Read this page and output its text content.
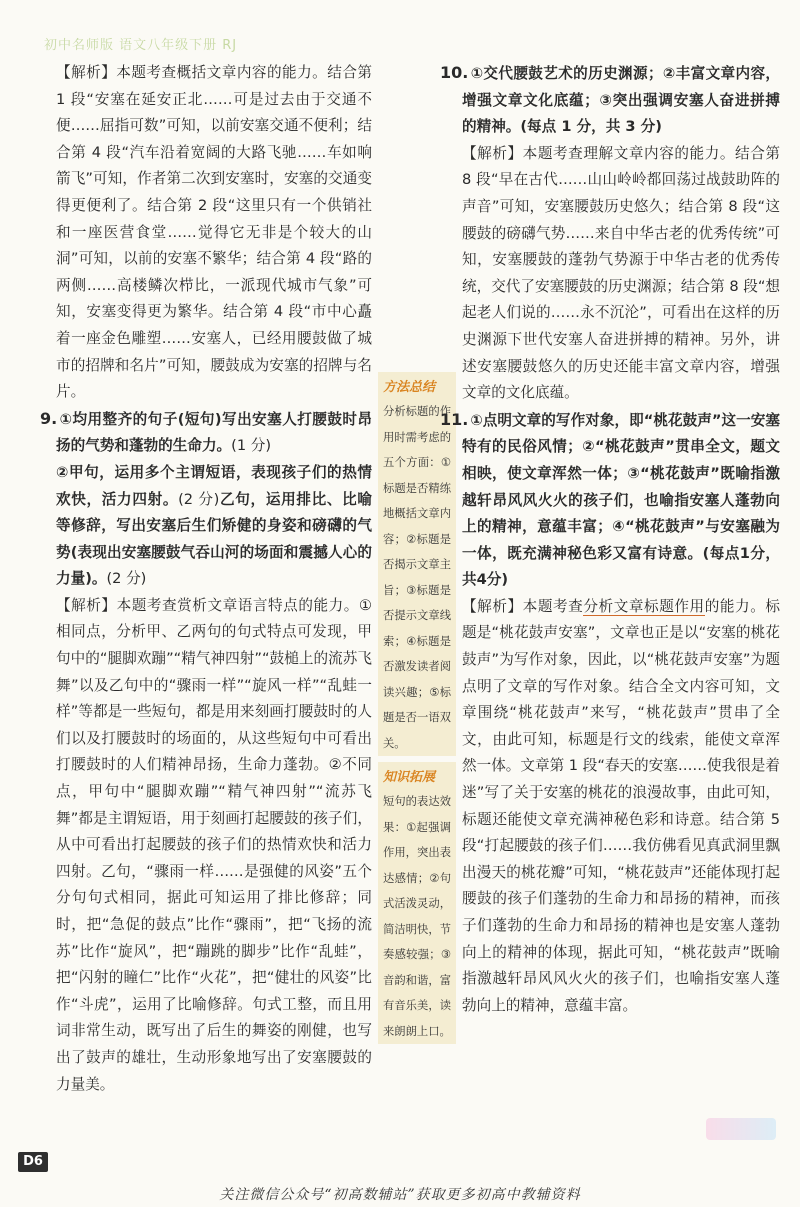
初中名师版 语文八年级下册 RJ

【解析】本题考查概括文章内容的能力。结合第 1 段“安塞在延安正北……可是过去由于交通不便……屈指可数”可知，以前安塞交通不便利；结合第 4 段“汽车沿着宽阔的大路飞驰……车如响箭飞”可知，作者第二次到安塞时，安塞的交通变得更便利了。结合第 2 段“这里只有一个供销社和一座医营食堂……觉得它无非是个较大的山洞”可知，以前的安塞不繁华；结合第 4 段“路的两侧……高楼鳞次栉比，一派现代城市气象”可知，安塞变得更为繁华。结合第 4 段“市中心矗着一座金色雕塑……安塞人，已经用腰鼓做了城市的招牌和名片”可知，腰鼓成为安塞的招牌与名片。

9. ①均用整齐的句子(短句)写出安塞人打腰鼓时昂扬的气势和蓬勃的生命力。(1 分)

②甲句，运用多个主谓短语，表现孩子们的热情欢快，活力四射。(2 分)乙句，运用排比、比喻等修辞，写出安塞后生们矫健的身姿和磅礴的气势(表现出安塞腰鼓气吞山河的场面和震撼人心的力量)。(2 分)

【解析】本题考查赏析文章语言特点的能力。①相同点，分析甲、乙两句的句式特点可发现，甲句中的“腿脚欢蹦”“精气神四射”“鼓槌上的流苏飞舞”以及乙句中的“骤雨一样”“旋风一样”“乱蛙一样”等都是一些短句，都是用来刻画打腰鼓时的人们以及打腰鼓时的场面的，从这些短句中可看出打腰鼓时的人们精神昂扬，生命力蓬勃。②不同点，甲句中“腿脚欢蹦”“精气神四射”“流苏飞舞”都是主谓短语，用于刻画打起腰鼓的孩子们，从中可看出打起腰鼓的孩子们的热情欢快和活力四射。乙句，“骤雨一样……是强健的风姿”五个分句句式相同，据此可知运用了排比修辞；同时，把“急促的鼓点”比作“骤雨”，把“飞扬的流苏”比作“旋风”，把“蹦跳的脚步”比作“乱蛙”，把“闪射的瞳仁”比作“火花”，把“健壮的风姿”比作“斗虎”，运用了比喻修辞。句式工整，而且用词非常生动，既写出了后生的舞姿的刚健，也写出了鼓声的雄壮，生动形象地写出了安塞腰鼓的力量美。

方法总结
分析标题的作用时需考虑的五个方面：①标题是否精练地概括文章内容；②标题是否揭示文章主旨；③标题是否提示文章线索；④标题是否激发读者阅读兴趣；⑤标题是否一语双关。
知识拓展
短句的表达效果：①起强调作用，突出表达感情；②句式活泼灵动，简洁明快，节奏感较强；③音韵和谐，富有音乐美，读来朗朗上口。

10. ①交代腰鼓艺术的历史渊源；②丰富文章内容，增强文章文化底蕴；③突出强调安塞人奋进拼搏的精神。(每点 1 分，共 3 分)

【解析】本题考查理解文章内容的能力。结合第 8 段“早在古代……山山岭岭都回荡过战鼓助阵的声音”可知，安塞腰鼓历史悠久；结合第 8 段“这腰鼓的磅礴气势……来自中华古老的优秀传统”可知，安塞腰鼓的蓬勃气势源于中华古老的优秀传统，交代了安塞腰鼓的历史渊源；结合第 8 段“想起老人们说的……永不沉沦”，可看出在这样的历史渊源下世代安塞人奋进拼搏的精神。另外，讲述安塞腰鼓悠久的历史还能丰富文章内容，增强文章的文化底蕴。

11. ①点明文章的写作对象，即“桃花鼓声”这一安塞特有的民俗风情；②“桃花鼓声”贯串全文，题文相映，使文章浑然一体；③“桃花鼓声”既喻指激越轩昂风风火火的孩子们，也喻指安塞人蓬勃向上的精神，意蕴丰富；④“桃花鼓声”与安塞融为一体，既充满神秘色彩又富有诗意。(每点1分，共4分)

【解析】本题考查分析文章标题作用的能力。标题是“桃花鼓声安塞”，文章也正是以“安塞的桃花鼓声”为写作对象，因此，以“桃花鼓声安塞”为题点明了文章的写作对象。结合全文内容可知，文章围绕“桃花鼓声”来写，“桃花鼓声”贯串了全文，由此可知，标题是行文的线索，能使文章浑然一体。文章第 1 段“春天的安塞……使我很是着迷”写了关于安塞的桃花的浪漫故事，由此可知，标题还能使文章充满神秘色彩和诗意。结合第 5 段“打起腰鼓的孩子们……我仿佛看见真武洞里飘出漫天的桃花瓣”可知，“桃花鼓声”还能体现打起腰鼓的孩子们蓬勃的生命力和昂扬的精神，而孩子们蓬勃的生命力和昂扬的精神也是安塞人蓬勃向上的精神的体现，据此可知，“桃花鼓声”既喻指激越轩昂风风火火的孩子们，也喻指安塞人蓬勃向上的精神，意蕴丰富。

D6
关注微信公众号“初高数辅站”获取更多初高中教辅资料
